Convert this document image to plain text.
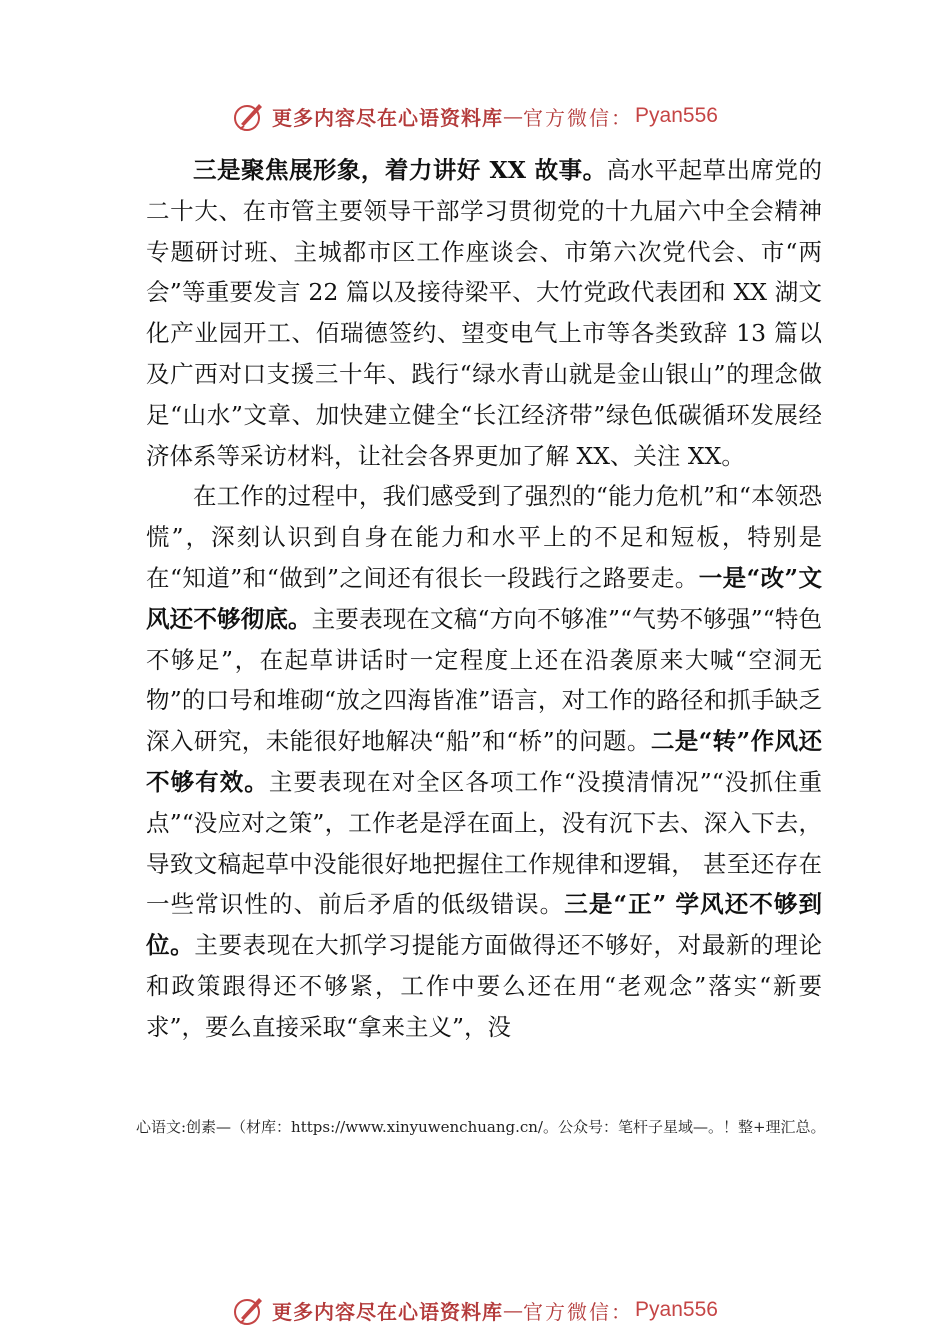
更多内容尽在心语资料库 — 官方微信： Pyan556

三是聚焦展形象，着力讲好 XX 故事。高水平起草出席党的二十大、在市管主要领导干部学习贯彻党的十九届六中全会精神专题研讨班、主城都市区工作座谈会、市第六次党代会、市“两会”等重要发言 22 篇以及接待梁平、大竹党政代表团和 XX 湖文化产业园开工、佰瑞德签约、望变电气上市等各类致辞 13 篇以及广西对口支援三十年、践行“绿水青山就是金山银山”的理念做足“山水”文章、加快建立健全“长江经济带”绿色低碳循环发展经济体系等采访材料，让社会各界更加了解 XX、关注 XX。

在工作的过程中，我们感受到了强烈的“能力危机”和“本领恐慌”，深刻认识到自身在能力和水平上的不足和短板，特别是在“知道”和“做到”之间还有很长一段践行之路要走。一是“改”文风还不够彻底。主要表现在文稿“方向不够准”“气势不够强”“特色不够足”，在起草讲话时一定程度上还在沿袭原来大喊“空洞无物”的口号和堆砌“放之四海皆准”语言，对工作的路径和抓手缺乏深入研究，未能很好地解决“船”和“桥”的问题。二是“转”作风还不够有效。主要表现在对全区各项工作“没摸清情况”“没抓住重点”“没应对之策”，工作老是浮在面上，没有沉下去、深入下去，导致文稿起草中没能很好地把握住工作规律和逻辑， 甚至还存在一些常识性的、前后矛盾的低级错误。三是“正” 学风还不够到位。主要表现在大抓学习提能方面做得还不够好，对最新的理论和政策跟得还不够紧，工作中要么还在用“老观念”落实“新要求”，要么直接采取“拿来主义”，没

心语文:创素—（材库：https://www.xinyuwenchuang.cn/。公众号：笔杆子星域—。！整+理汇总。
更多内容尽在心语资料库 — 官方微信： Pyan556
